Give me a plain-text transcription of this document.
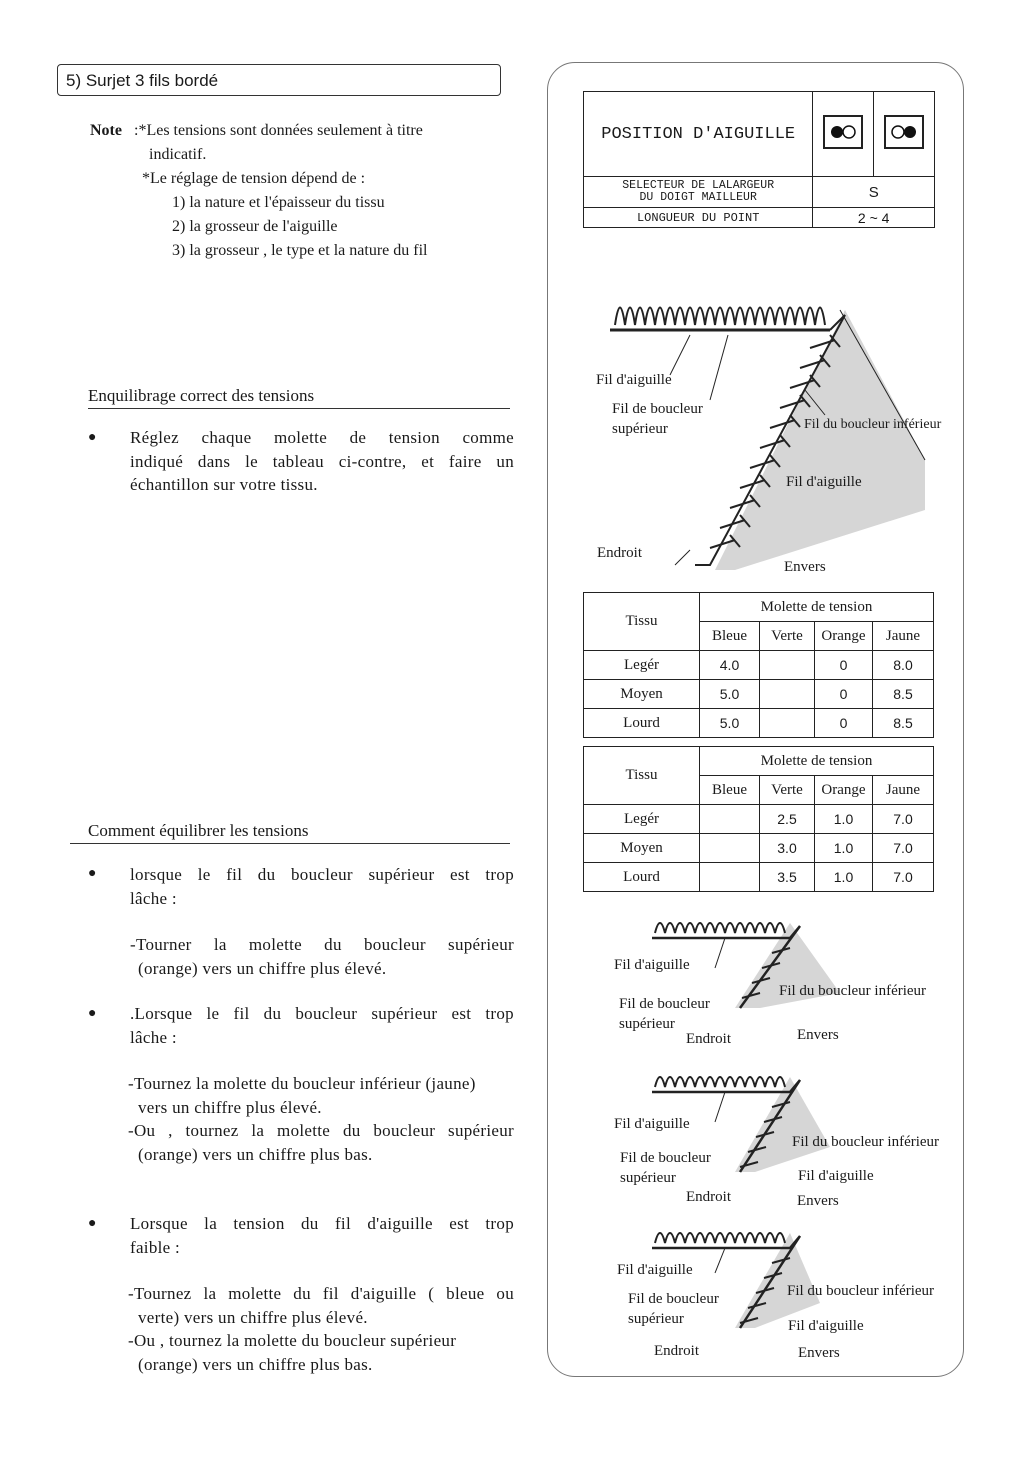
5) Surjet 3 fils bordé
Note :*Les tensions sont données seulement à titre
indicatif.
*Le réglage de tension dépend de :
1) la nature et l'épaisseur du tissu
2) la grosseur de l'aiguille
3) la grosseur , le type et la nature du fil
Enquilibrage correct des tensions
● Réglez chaque molette de tension comme
indiqué dans le tableau ci-contre, et faire un
échantillon sur votre tissu.
Comment équilibrer les tensions
● lorsque le fil du boucleur supérieur est trop
lâche :
-Tourner la molette du boucleur supérieur
(orange) vers un chiffre plus élevé.
● .Lorsque le fil du boucleur supérieur est trop
lâche :
-Tournez la molette du boucleur inférieur (jaune)
vers un chiffre plus élevé.
-Ou , tournez la molette du boucleur supérieur
(orange) vers un chiffre plus bas.
● Lorsque la tension du fil d'aiguille est trop
faible :
-Tournez la molette du fil d'aiguille ( bleue ou
verte) vers un chiffre plus élevé.
-Ou , tournez la molette du boucleur supérieur
(orange) vers un chiffre plus bas.
POSITION D'AIGUILLE		

SELECTEUR DE LALARGEUR
DU DOIGT MAILLEUR	S	
LONGUEUR DU POINT	2 ~ 4	
Fil d'aiguille
Fil de boucleur
supérieur	Fil du boucleur inférieur
Fil d'aiguille
Endroit
Envers
Tissu	Molette de tension			
	Bleue	Verte	Orange	Jaune
Legér	4.0		0	8.0
Moyen	5.0		0	8.5
Lourd	5.0		0	8.5
Tissu	Molette de tension			
	Bleue	Verte	Orange	Jaune
Legér		2.5	1.0	7.0
Moyen		3.0	1.0	7.0
Lourd		3.5	1.0	7.0
Fil d'aiguille
Fil de boucleur
supérieur
Fil du boucleur inférieur
Endroit	Envers
Fil d'aiguille
Fil de boucleur
supérieur
Fil du boucleur inférieur
Fil d'aiguille
Endroit	Envers
Fil d'aiguille
Fil de boucleur
supérieur
Fil du boucleur inférieur
Fil d'aiguille
Endroit	Envers
